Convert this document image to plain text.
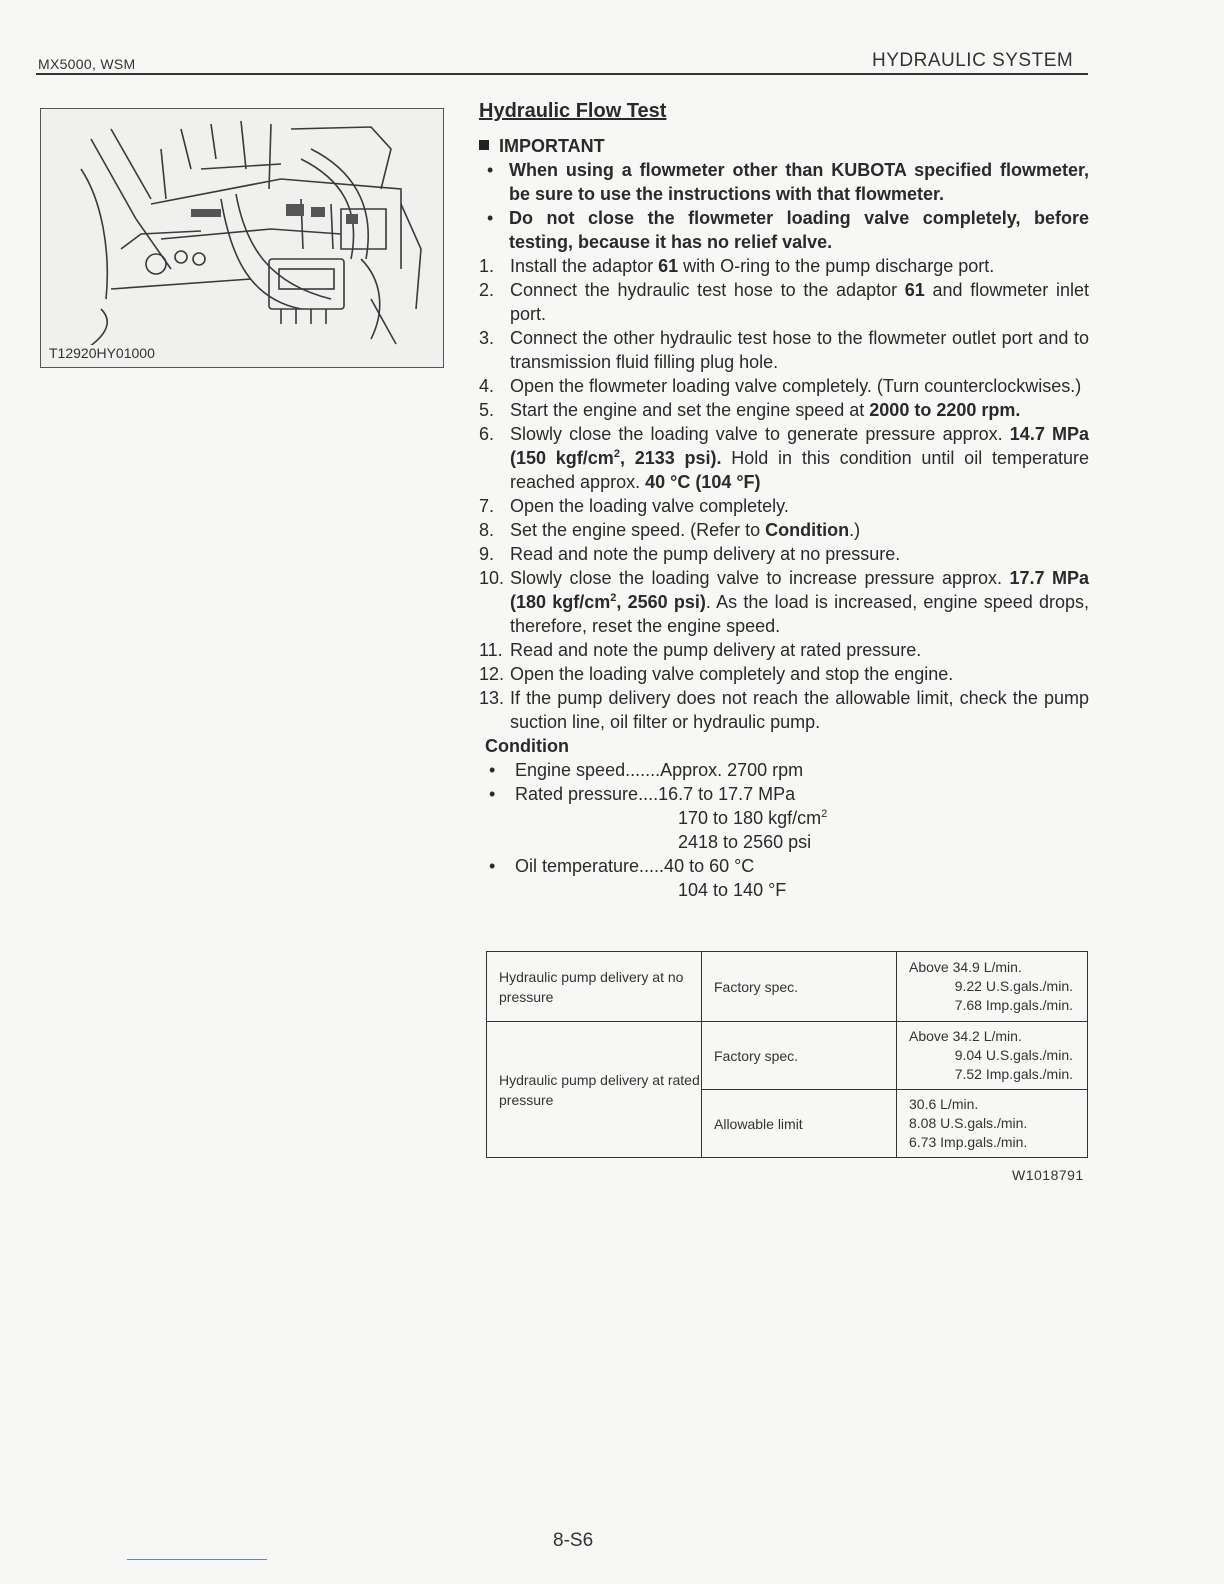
MX5000, WSM	HYDRAULIC SYSTEM
T12920HY01000
Hydraulic Flow Test
IMPORTANT
• When using a flowmeter other than KUBOTA specified flowmeter, be sure to use the instructions with that flowmeter.
• Do not close the flowmeter loading valve completely, before testing, because it has no relief valve.
1. Install the adaptor 61 with O-ring to the pump discharge port.
2. Connect the hydraulic test hose to the adaptor 61 and flowmeter inlet port.
3. Connect the other hydraulic test hose to the flowmeter outlet port and to transmission fluid filling plug hole.
4. Open the flowmeter loading valve completely. (Turn counterclockwises.)
5. Start the engine and set the engine speed at 2000 to 2200 rpm.
6. Slowly close the loading valve to generate pressure approx. 14.7 MPa (150 kgf/$cm^2$, 2133 psi). Hold in this condition until oil temperature reached approx. 40 °C (104 °F)
7. Open the loading valve completely.
8. Set the engine speed. (Refer to Condition.)
9. Read and note the pump delivery at no pressure.
10. Slowly close the loading valve to increase pressure approx. 17.7 MPa (180 kgf/$cm^2$, 2560 psi). As the load is increased, engine speed drops, therefore, reset the engine speed.
11. Read and note the pump delivery at rated pressure.
12. Open the loading valve completely and stop the engine.
13. If the pump delivery does not reach the allowable limit, check the pump suction line, oil filter or hydraulic pump.
Condition
• Engine speed.......Approx. 2700 rpm
• Rated pressure....16.7 to 17.7 MPa
170 to 180 kgf/$cm^2$
2418 to 2560 psi
• Oil temperature.....40 to 60 °C
104 to 140 °F
Hydraulic pump delivery at no pressure	Factory spec.	Above 34.9 L/min.
9.22 U.S.gals./min.
7.68 Imp.gals./min.

Hydraulic pump delivery at rated pressure	Factory spec.	Above 34.2 L/min.
9.04 U.S.gals./min.
7.52 Imp.gals./min.

	Allowable limit	30.6 L/min.
8.08 U.S.gals./min.
6.73 Imp.gals./min.
W1018791
8-S6
